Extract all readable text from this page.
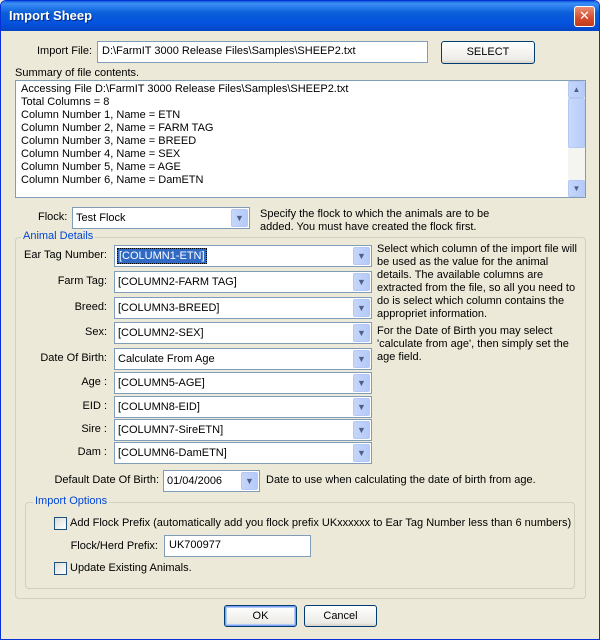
Import Sheep	✕
Import File: D:\FarmIT 3000 Release Files\Samples\SHEEP2.txt	SELECT
Summary of file contents.
Accessing File D:\FarmIT 3000 Release Files\Samples\SHEEP2.txt
Total Columns = 8
Column Number 1, Name = ETN
Column Number 2, Name = FARM TAG
Column Number 3, Name = BREED
Column Number 4, Name = SEX
Column Number 5, Name = AGE
Column Number 6, Name = DamETN
▲
▼
Flock: Test Flock	▼	Specify the flock to which the animals are to be
added. You must have created the flock first.
Animal Details
Ear Tag Number: [COLUMN1-ETN]	▼
Farm Tag: [COLUMN2-FARM TAG]	▼
Breed: [COLUMN3-BREED]	▼
Sex: [COLUMN2-SEX]	▼
Date Of Birth: Calculate From Age	▼
Age : [COLUMN5-AGE]	▼
EID : [COLUMN8-EID]	▼
Sire : [COLUMN7-SireETN]	▼
Dam : [COLUMN6-DamETN]	▼
Select which column of the import file will
be used as the value for the animal
details. The available columns are
extracted from the file, so all you need to
do is select which column contains the
appropriet information.
For the Date of Birth you may select
'calculate from age', then simply set the
age field.
Default Date Of Birth: 01/04/2006	▼	Date to use when calculating the date of birth from age.
Import Options
Add Flock Prefix (automatically add you flock prefix UKxxxxxx to Ear Tag Number less than 6 numbers)
Flock/Herd Prefix:	UK700977
Update Existing Animals.
OK	Cancel
